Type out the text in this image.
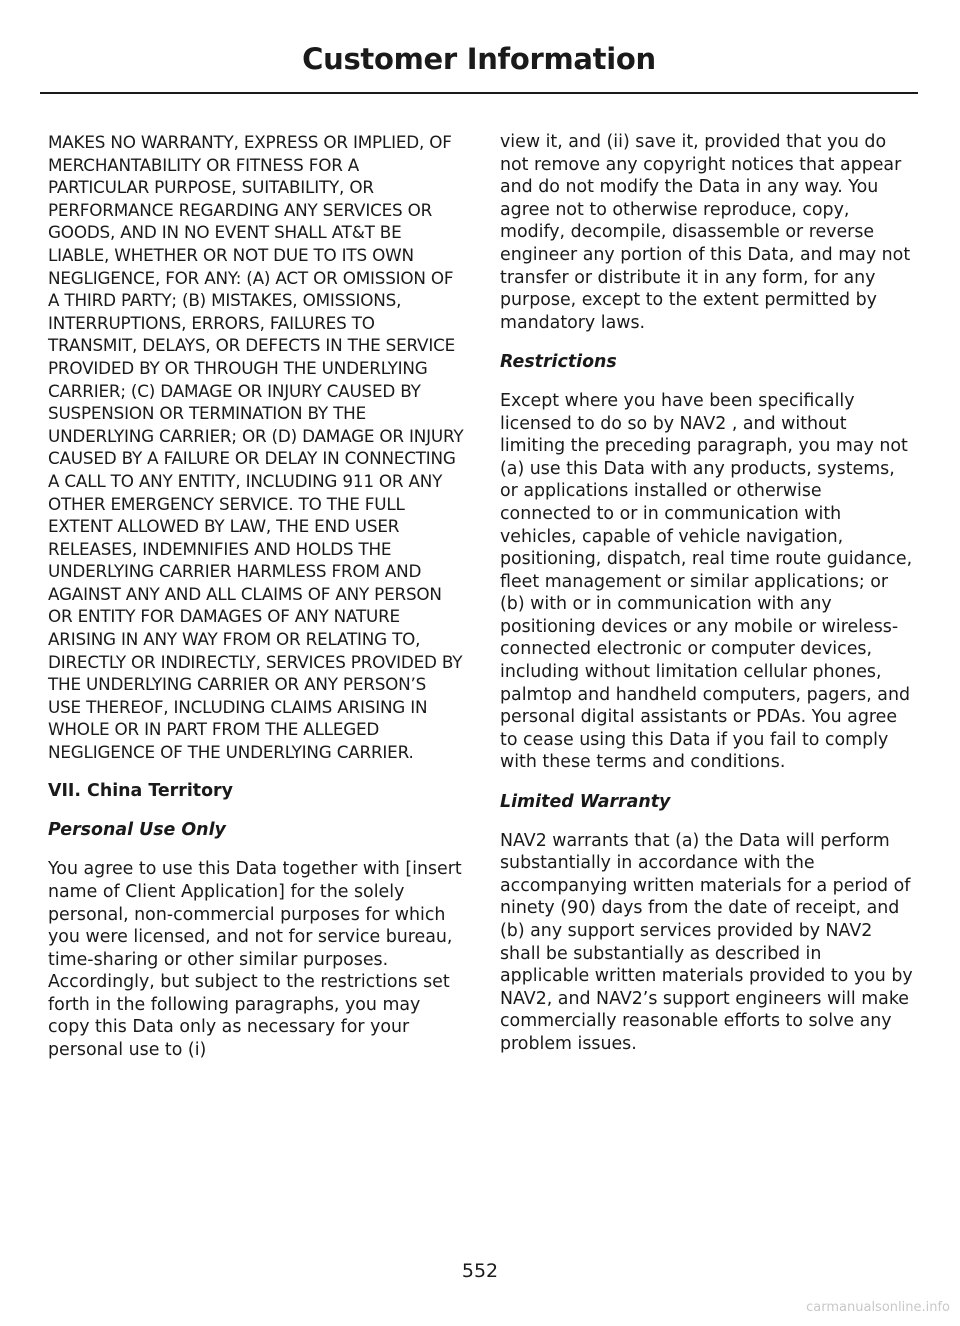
Customer Information

MAKES NO WARRANTY, EXPRESS OR IMPLIED, OF MERCHANTABILITY OR FITNESS FOR A PARTICULAR PURPOSE, SUITABILITY, OR PERFORMANCE REGARDING ANY SERVICES OR GOODS, AND IN NO EVENT SHALL AT&T BE LIABLE, WHETHER OR NOT DUE TO ITS OWN NEGLIGENCE, FOR ANY: (A) ACT OR OMISSION OF A THIRD PARTY; (B) MISTAKES, OMISSIONS, INTERRUPTIONS, ERRORS, FAILURES TO TRANSMIT, DELAYS, OR DEFECTS IN THE SERVICE PROVIDED BY OR THROUGH THE UNDERLYING CARRIER; (C) DAMAGE OR INJURY CAUSED BY SUSPENSION OR TERMINATION BY THE UNDERLYING CARRIER; OR (D) DAMAGE OR INJURY CAUSED BY A FAILURE OR DELAY IN CONNECTING A CALL TO ANY ENTITY, INCLUDING 911 OR ANY OTHER EMERGENCY SERVICE. TO THE FULL EXTENT ALLOWED BY LAW, THE END USER RELEASES, INDEMNIFIES AND HOLDS THE UNDERLYING CARRIER HARMLESS FROM AND AGAINST ANY AND ALL CLAIMS OF ANY PERSON OR ENTITY FOR DAMAGES OF ANY NATURE ARISING IN ANY WAY FROM OR RELATING TO, DIRECTLY OR INDIRECTLY, SERVICES PROVIDED BY THE UNDERLYING CARRIER OR ANY PERSON’S USE THEREOF, INCLUDING CLAIMS ARISING IN WHOLE OR IN PART FROM THE ALLEGED NEGLIGENCE OF THE UNDERLYING CARRIER.

VII. China Territory

Personal Use Only

You agree to use this Data together with [insert name of Client Application] for the solely personal, non-commercial purposes for which you were licensed, and not for service bureau, time-sharing or other similar purposes. Accordingly, but subject to the restrictions set forth in the following paragraphs, you may copy this Data only as necessary for your personal use to (i)

view it, and (ii) save it, provided that you do not remove any copyright notices that appear and do not modify the Data in any way. You agree not to otherwise reproduce, copy, modify, decompile, disassemble or reverse engineer any portion of this Data, and may not transfer or distribute it in any form, for any purpose, except to the extent permitted by mandatory laws.

Restrictions

Except where you have been specifically licensed to do so by NAV2 , and without limiting the preceding paragraph, you may not (a) use this Data with any products, systems, or applications installed or otherwise connected to or in communication with vehicles, capable of vehicle navigation, positioning, dispatch, real time route guidance, fleet management or similar applications; or (b) with or in communication with any positioning devices or any mobile or wireless-connected electronic or computer devices, including without limitation cellular phones, palmtop and handheld computers, pagers, and personal digital assistants or PDAs. You agree to cease using this Data if you fail to comply with these terms and conditions.

Limited Warranty

NAV2 warrants that (a) the Data will perform substantially in accordance with the accompanying written materials for a period of ninety (90) days from the date of receipt, and (b) any support services provided by NAV2 shall be substantially as described in applicable written materials provided to you by NAV2, and NAV2’s support engineers will make commercially reasonable efforts to solve any problem issues.

552
carmanualsonline.info
